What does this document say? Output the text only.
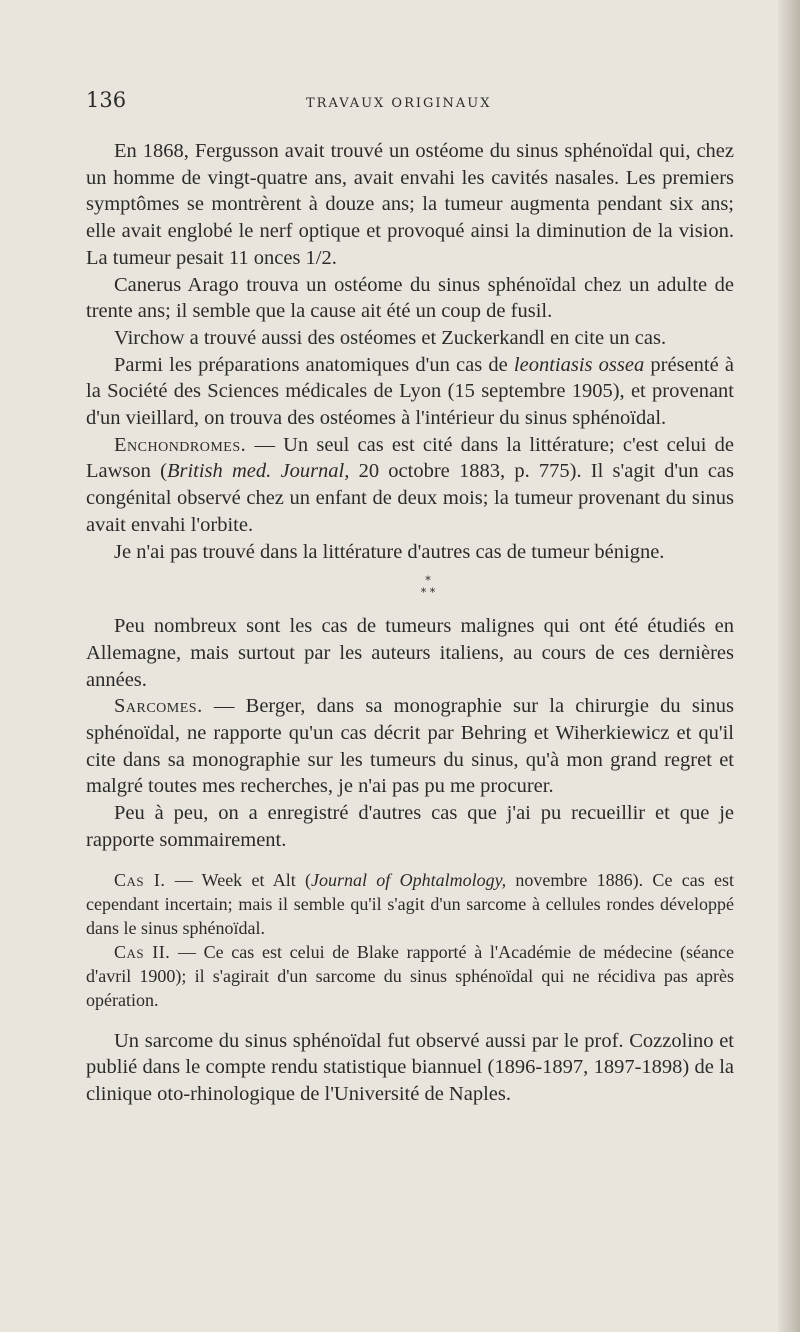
136	TRAVAUX ORIGINAUX

En 1868, Fergusson avait trouvé un ostéome du sinus sphénoïdal qui, chez un homme de vingt-quatre ans, avait envahi les cavités nasales. Les premiers symptômes se montrèrent à douze ans; la tumeur augmenta pendant six ans; elle avait englobé le nerf optique et provoqué ainsi la diminution de la vision. La tumeur pesait 11 onces 1/2.

Canerus Arago trouva un ostéome du sinus sphénoïdal chez un adulte de trente ans; il semble que la cause ait été un coup de fusil.

Virchow a trouvé aussi des ostéomes et Zuckerkandl en cite un cas.

Parmi les préparations anatomiques d'un cas de leontiasis ossea présenté à la Société des Sciences médicales de Lyon (15 septembre 1905), et provenant d'un vieillard, on trouva des ostéomes à l'intérieur du sinus sphénoïdal.

Enchondromes. — Un seul cas est cité dans la littérature; c'est celui de Lawson (British med. Journal, 20 octobre 1883, p. 775). Il s'agit d'un cas congénital observé chez un enfant de deux mois; la tumeur provenant du sinus avait envahi l'orbite.

Je n'ai pas trouvé dans la littérature d'autres cas de tumeur bénigne.

*
* *

Peu nombreux sont les cas de tumeurs malignes qui ont été étudiés en Allemagne, mais surtout par les auteurs italiens, au cours de ces dernières années.

Sarcomes. — Berger, dans sa monographie sur la chirurgie du sinus sphénoïdal, ne rapporte qu'un cas décrit par Behring et Wiherkiewicz et qu'il cite dans sa monographie sur les tumeurs du sinus, qu'à mon grand regret et malgré toutes mes recherches, je n'ai pas pu me procurer.

Peu à peu, on a enregistré d'autres cas que j'ai pu recueillir et que je rapporte sommairement.

Cas I. — Week et Alt (Journal of Ophtalmology, novembre 1886). Ce cas est cependant incertain; mais il semble qu'il s'agit d'un sarcome à cellules rondes développé dans le sinus sphénoïdal.

Cas II. — Ce cas est celui de Blake rapporté à l'Académie de médecine (séance d'avril 1900); il s'agirait d'un sarcome du sinus sphénoïdal qui ne récidiva pas après opération.

Un sarcome du sinus sphénoïdal fut observé aussi par le prof. Cozzolino et publié dans le compte rendu statistique biannuel (1896-1897, 1897-1898) de la clinique oto-rhinologique de l'Université de Naples.
